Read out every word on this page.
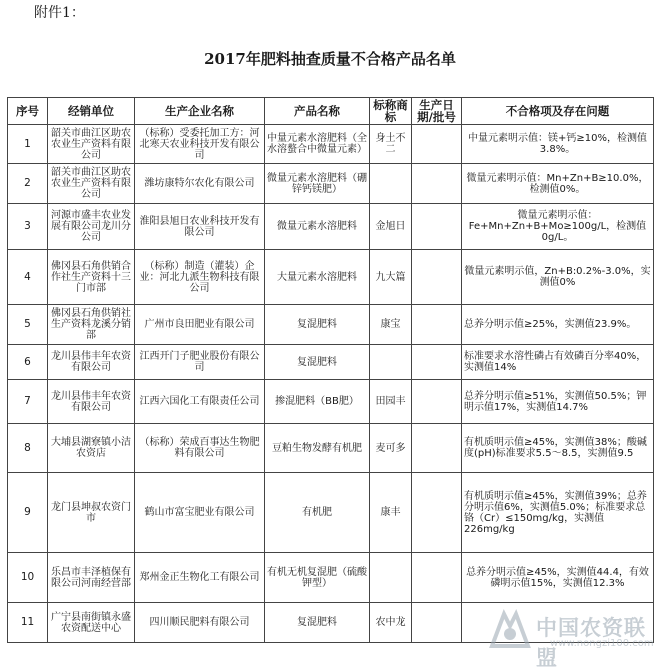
附件1：
2017年肥料抽查质量不合格产品名单
序号	经销单位	生产企业名称	产品名称	标称商标	生产日期/批号	不合格项及存在问题
1	韶关市曲江区助农农业生产资料有限公司	（标称）受委托加工方：河北寒天农业科技开发有限公司	中量元素水溶肥料（全水溶螯合中微量元素）	身土不二		中量元素明示值：镁+钙≥10%，检测值3.8%。
2	韶关市曲江区助农农业生产资料有限公司	潍坊康特尔农化有限公司	微量元素水溶肥料（硼锌钙镁肥）			微量元素明示值：Mn+Zn+B≥10.0%，检测值0%。
3	河源市盛丰农业发展有限公司龙川分公司	淮阳县旭日农业科技开发有限公司	微量元素水溶肥料	金旭日		微量元素明示值：Fe+Mn+Zn+B+Mo≥100g/L，检测值0g/L。
4	佛冈县石角供销合作社生产资料十三门市部	（标称）制造（灌装）企业：河北九派生物科技有限公司	大量元素水溶肥料	九大篇		微量元素明示值，Zn+B:0.2%-3.0%，实测值0%
5	佛冈县石角供销社生产资料龙溪分销部	广州市良田肥业有限公司	复混肥料	康宝		总养分明示值≥25%，实测值23.9%。
6	龙川县伟丰年农资有限公司	江西开门子肥业股份有限公司	复混肥料			标准要求水溶性磷占有效磷百分率40%，实测值14%
7	龙川县伟丰年农资有限公司	江西六国化工有限责任公司	掺混肥料（BB肥）	田园丰		总养分明示值≥51%，实测值50.5%；钾明示值17%，实测值14.7%
8	大埔县湖寮镇小洁农资店	（标称）荣成百事达生物肥料有限公司	豆粕生物发酵有机肥	麦可多		有机质明示值≥45%，实测值38%；酸碱度(pH)标准要求5.5～8.5，实测值9.5
9	龙门县坤叔农资门市	鹤山市富宝肥业有限公司	有机肥	康丰		有机质明示值≥45%，实测值39%；总养分明示值6%，实测值5.0%；标准要求总铬（Cr）≤150mg/kg，实测值226mg/kg
10	乐昌市丰泽植保有限公司河南经营部	郑州金正生物化工有限公司	有机无机复混肥（硫酸钾型）			总养分明示值≥45%，实测值44.4，有效磷明示值15%，实测值12.3%
11	广宁县南街镇永盛农资配送中心	四川顺民肥料有限公司	复混肥料	农中龙			中国农资联盟
www.nongzi100.com
